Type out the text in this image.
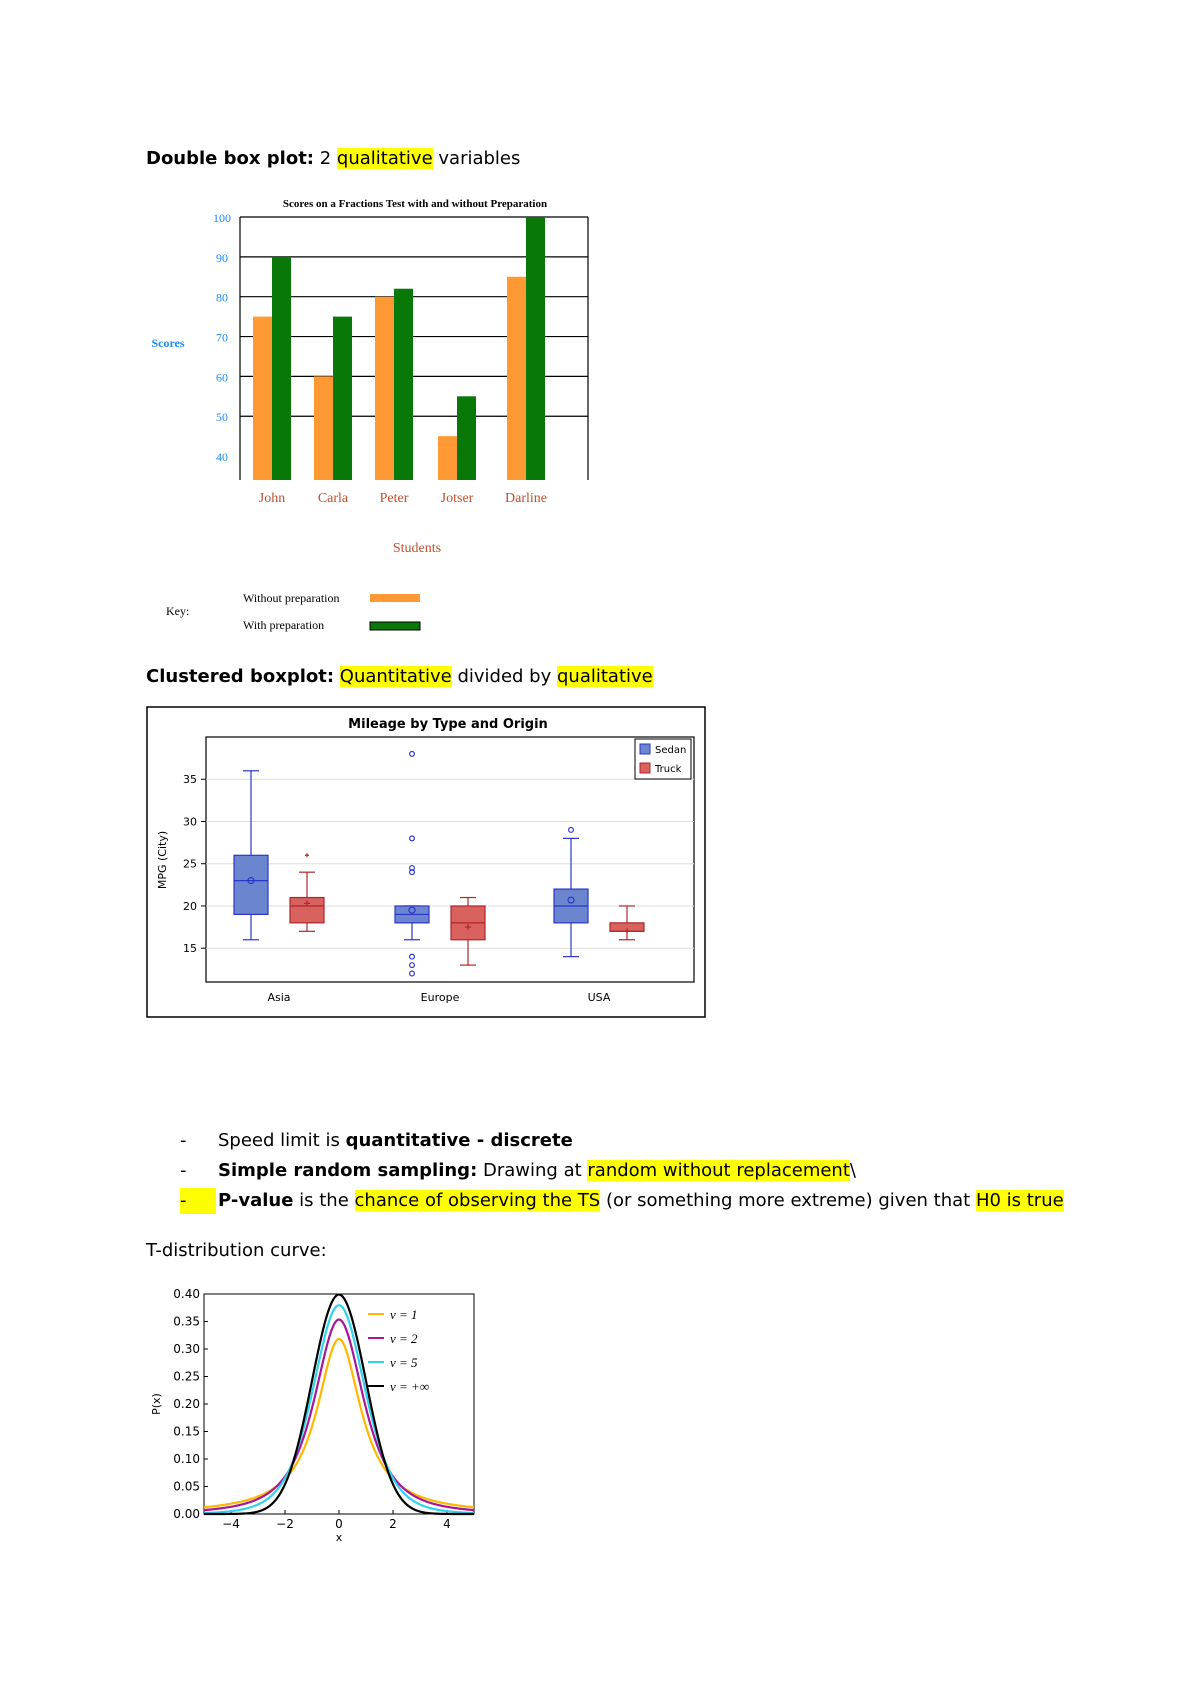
Double box plot: 2 qualitative variables
Scores on a Fractions Test with and without Preparation
100
90
80
70
60
50
40
Scores
John Carla Peter Jotser Darline
Students
Key:
Without preparation
With preparation
Clustered boxplot: Quantitative divided by qualitative
Mileage by Type and Origin
15
20
25
30
35
MPG (City)
Asia	Europe	USA
Sedan
Truck
-	Speed limit is quantitative - discrete
-	Simple random sampling: Drawing at random without replacement\
-	P-value is the chance of observing the TS (or something more extreme) given that H0 is true
T-distribution curve:
0.00
0.05
0.10
0.15
0.20
0.25
0.30
0.35
0.40
−4	−2	0	2	4
x
P(x)
ν = 1
ν = 2
ν = 5
ν = +∞
